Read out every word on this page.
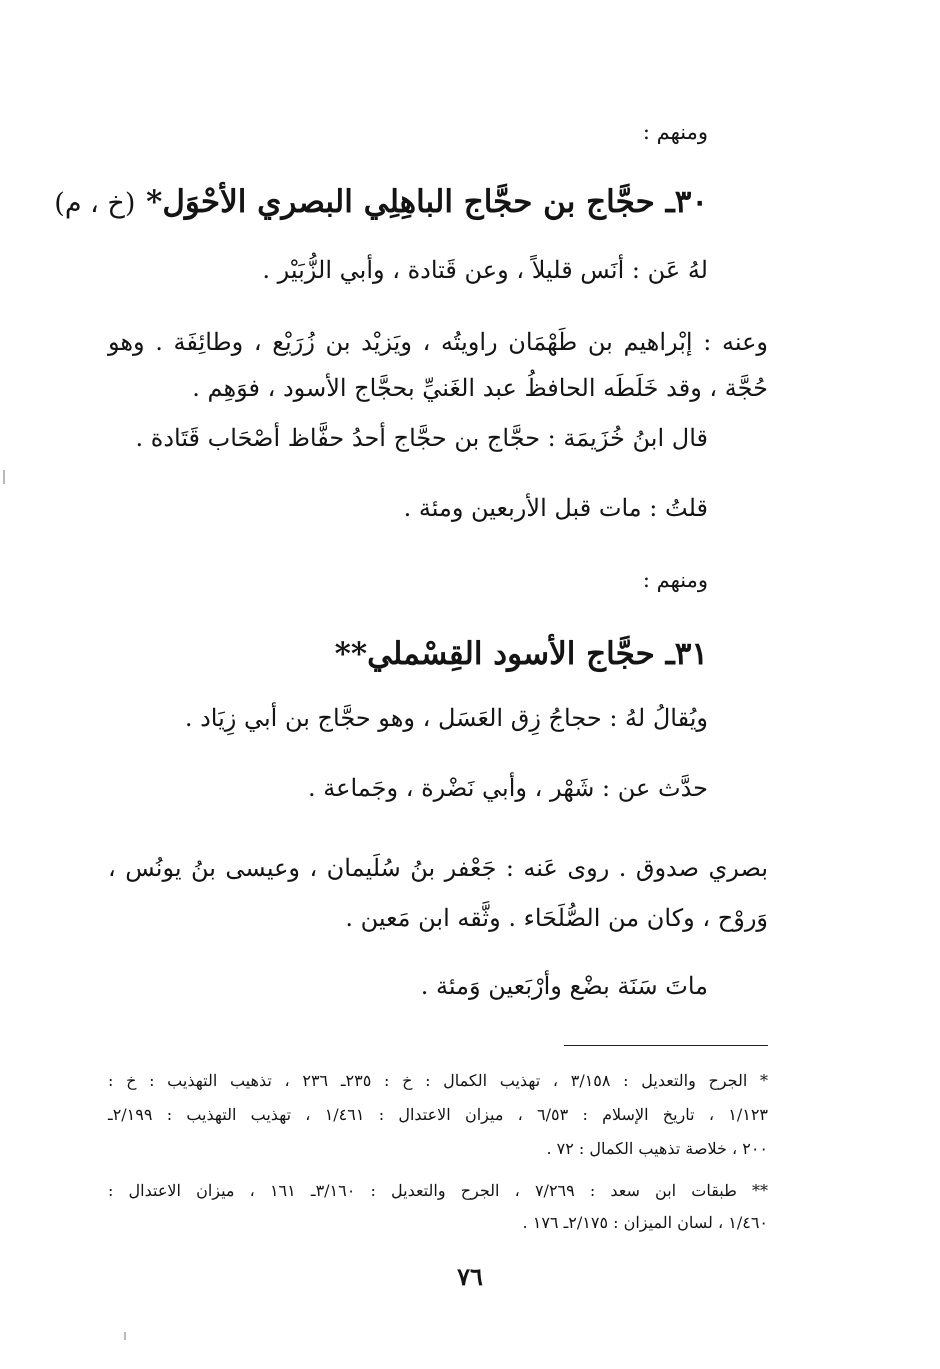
ومنهم :
٣٠ـ حجَّاج بن حجَّاج الباهِلِي البصري الأحْوَل* (خ ، م)
لهُ عَن : أنَس قليلاً ، وعن قَتادة ، وأبي الزُّبَيْر .
وعنه : إبْراهيم بن طَهْمَان راويتُه ، ويَزيْد بن زُرَيْع ، وطائِفَة . وهو
حُجَّة ، وقد خَلَطَه الحافظُ عبد الغَنيِّ بحجَّاج الأسود ، فوَهِم .
قال ابنُ خُزَيمَة : حجَّاج بن حجَّاج أحدُ حفَّاظ أصْحَاب قَتَادة .
قلتُ : مات قبل الأربعين ومئة .
ومنهم :
٣١ـ حجَّاج الأسود القِسْملي**
ويُقالُ لهُ : حجاجُ زِق العَسَل ، وهو حجَّاج بن أبي زِيَاد .
حدَّث عن : شَهْر ، وأبي نَضْرة ، وجَماعة .
بصري صدوق . روى عَنه : جَعْفر بنُ سُلَيمان ، وعيسى بنُ يونُس ،
وَروْح ، وكان من الصُّلَحَاء . وثَّقه ابن مَعين .
ماتَ سَنَة بضْع وأرْبَعين وَمئة .
* الجرح والتعديل : ٣/١٥٨ ، تهذيب الكمال : خ : ٢٣٥ـ ٢٣٦ ، تذهيب التهذيب : خ :
١/١٢٣ ، تاريخ الإسلام : ٦/٥٣ ، ميزان الاعتدال : ١/٤٦١ ، تهذيب التهذيب : ٢/١٩٩ـ
٢٠٠ ، خلاصة تذهيب الكمال : ٧٢ .
** طبقات ابن سعد : ٧/٢٦٩ ، الجرح والتعديل : ٣/١٦٠ـ ١٦١ ، ميزان الاعتدال :
١/٤٦٠ ، لسان الميزان : ٢/١٧٥ـ ١٧٦ .
٧٦
